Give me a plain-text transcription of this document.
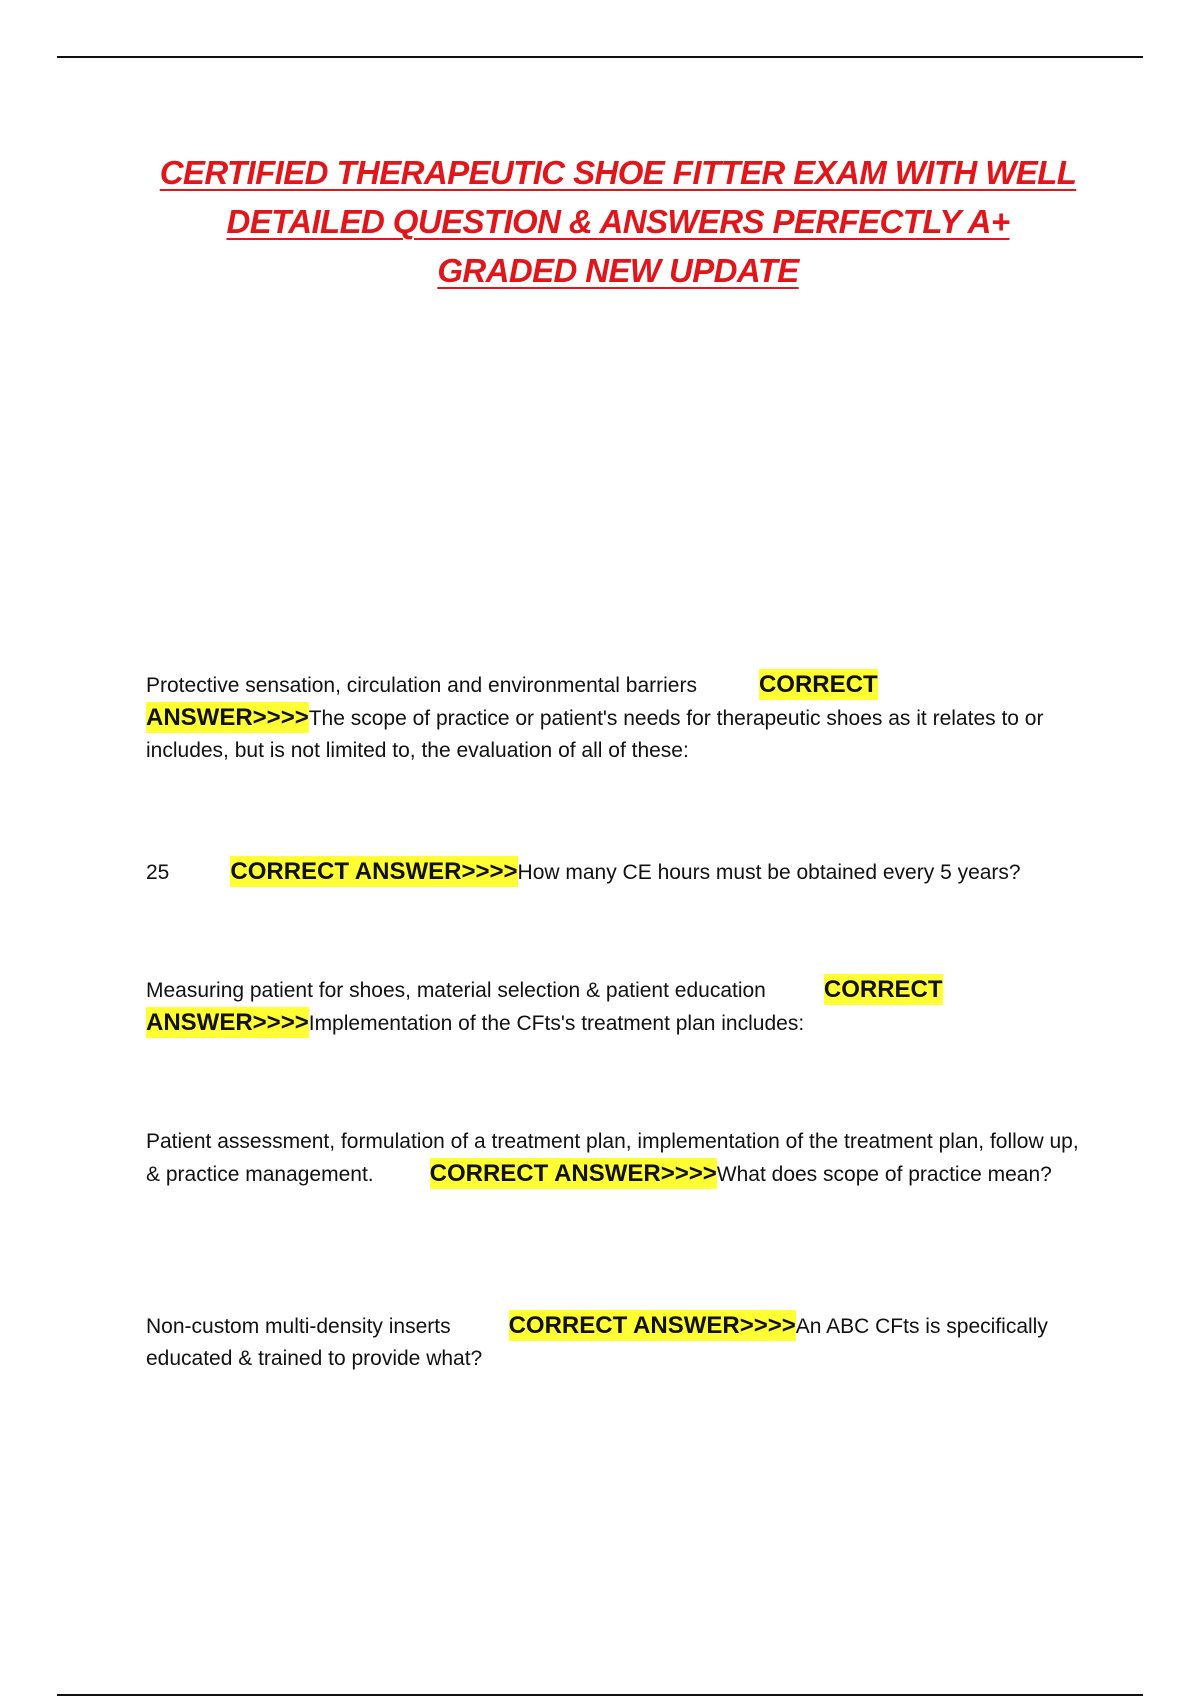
CERTIFIED THERAPEUTIC SHOE FITTER EXAM WITH WELL
DETAILED QUESTION & ANSWERS PERFECTLY A+
GRADED NEW UPDATE

Protective sensation, circulation and environmental barriers	CORRECT
ANSWER>>>>The scope of practice or patient's needs for therapeutic shoes as it relates to or includes, but is not limited to, the evaluation of all of these:

25	CORRECT ANSWER>>>>How many CE hours must be obtained every 5 years?

Measuring patient for shoes, material selection & patient education CORRECT
ANSWER>>>>Implementation of the CFts's treatment plan includes:

Patient assessment, formulation of a treatment plan, implementation of the treatment plan, follow up, & practice management. CORRECT ANSWER>>>>What does scope of practice mean?

Non-custom multi-density inserts CORRECT ANSWER>>>>An ABC CFts is specifically educated & trained to provide what?
